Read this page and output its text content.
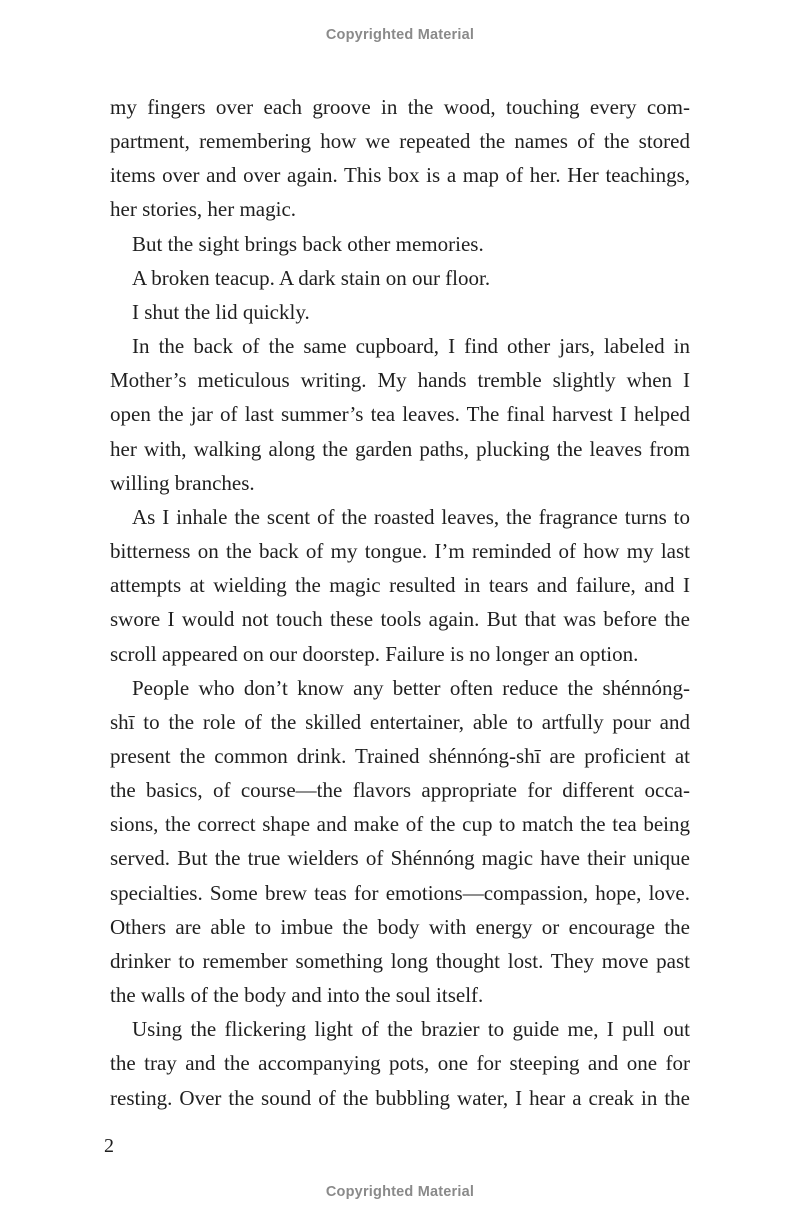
Copyrighted Material

my fingers over each groove in the wood, touching every com-
partment, remembering how we repeated the names of the stored
items over and over again. This box is a map of her. Her teachings,
her stories, her magic.

But the sight brings back other memories.

A broken teacup. A dark stain on our floor.

I shut the lid quickly.

In the back of the same cupboard, I find other jars, labeled in
Mother’s meticulous writing. My hands tremble slightly when I
open the jar of last summer’s tea leaves. The final harvest I helped
her with, walking along the garden paths, plucking the leaves from
willing branches.

As I inhale the scent of the roasted leaves, the fragrance turns to
bitterness on the back of my tongue. I’m reminded of how my last
attempts at wielding the magic resulted in tears and failure, and I
swore I would not touch these tools again. But that was before the
scroll appeared on our doorstep. Failure is no longer an option.

People who don’t know any better often reduce the shénnóng-
shī to the role of the skilled entertainer, able to artfully pour and
present the common drink. Trained shénnóng-shī are proficient at
the basics, of course—the flavors appropriate for different occa-
sions, the correct shape and make of the cup to match the tea being
served. But the true wielders of Shénnóng magic have their unique
specialties. Some brew teas for emotions—compassion, hope, love.
Others are able to imbue the body with energy or encourage the
drinker to remember something long thought lost. They move past
the walls of the body and into the soul itself.

Using the flickering light of the brazier to guide me, I pull out
the tray and the accompanying pots, one for steeping and one for
resting. Over the sound of the bubbling water, I hear a creak in the

2
Copyrighted Material
